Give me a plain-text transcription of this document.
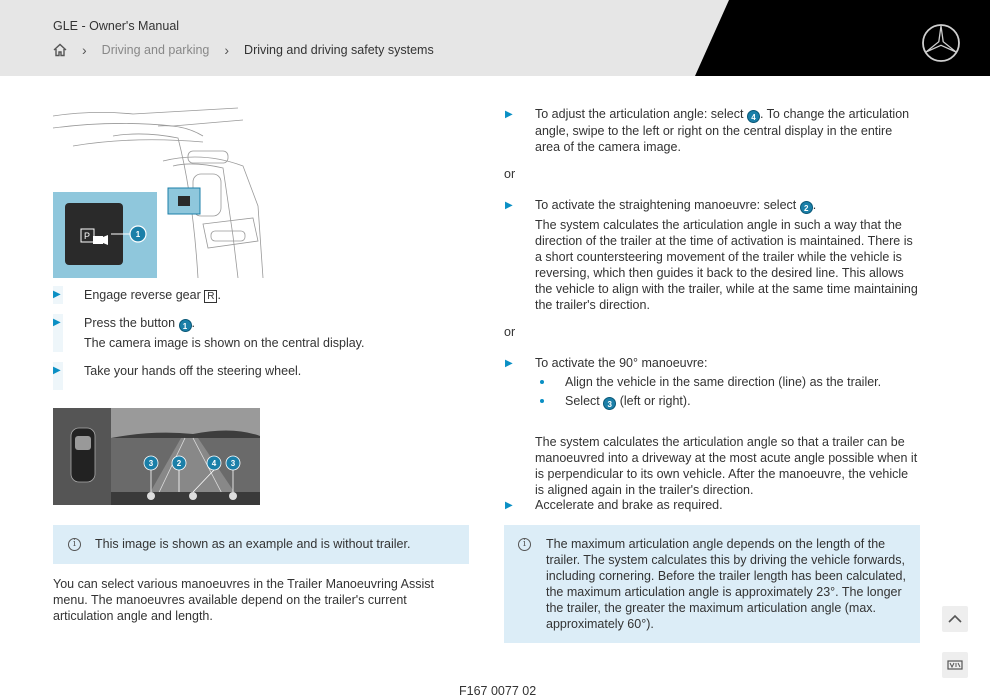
GLE - Owner's Manual
› Driving and parking › Driving and driving safety systems
P	1
▶ Engage reverse gear R .
▶ Press the button 1 .
The camera image is shown on the central display.
▶ Take your hands off the steering wheel.
3	2	4 3
i	This image is shown as an example and is without trailer.
You can select various manoeuvres in the Trailer Manoeuvring Assist menu. The manoeuvres available depend on the trailer's current articulation angle and length.
▶ To adjust the articulation angle: select 4 . To change the articulation angle, swipe to the left or right on the central display in the entire area of the camera image.
or
▶ To activate the straightening manoeuvre: select 2 .
The system calculates the articulation angle in such a way that the direction of the trailer at the time of activation is maintained. There is a short countersteering movement of the trailer while the vehicle is reversing, which then guides it back to the desired line. This allows the vehicle to align with the trailer, while at the same time maintaining the trailer's direction.
or
▶ To activate the 90° manoeuvre:
Align the vehicle in the same direction (line) as the trailer.
Select 3 (left or right).
The system calculates the articulation angle so that a trailer can be manoeuvred into a driveway at the most acute angle possible when it is perpendicular to its own vehicle. After the manoeuvre, the vehicle is aligned again in the trailer's direction.
▶ Accelerate and brake as required.
i	The maximum articulation angle depends on the length of the trailer. The system calculates this by driving the vehicle forwards, including cornering. Before the trailer length has been calculated, the maximum articulation angle is approximately 23°. The longer the trailer, the greater the maximum articulation angle (max. approximately 60°).
F167 0077 02
